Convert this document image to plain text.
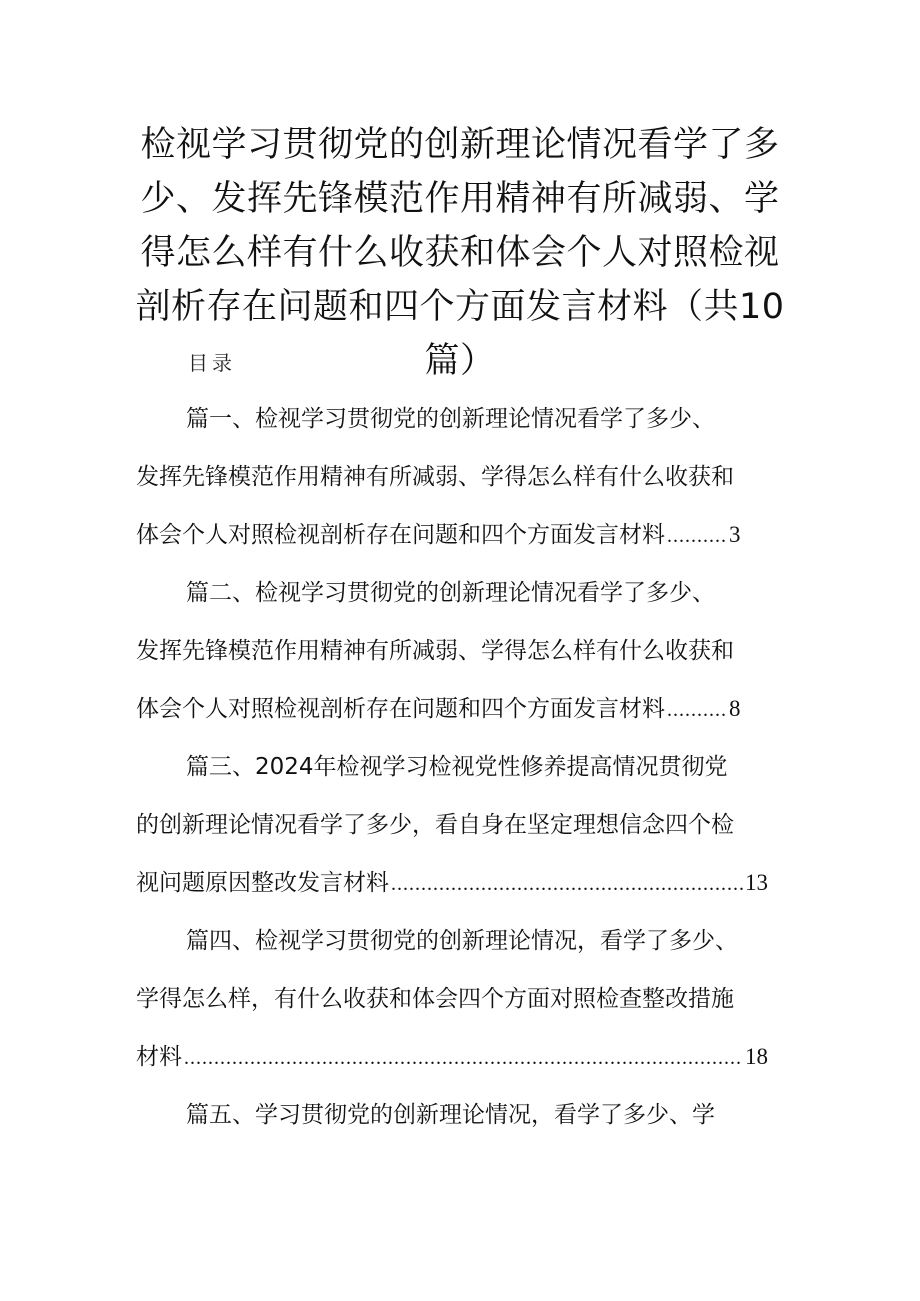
检视学习贯彻党的创新理论情况看学了多少、发挥先锋模范作用精神有所减弱、学得怎么样有什么收获和体会个人对照检视剖析存在问题和四个方面发言材料（共10篇）
目录
篇一、检视学习贯彻党的创新理论情况看学了多少、
发挥先锋模范作用精神有所减弱、学得怎么样有什么收获和
体会个人对照检视剖析存在问题和四个方面发言材料 .....	3
篇二、检视学习贯彻党的创新理论情况看学了多少、
发挥先锋模范作用精神有所减弱、学得怎么样有什么收获和
体会个人对照检视剖析存在问题和四个方面发言材料 .....	8
篇三、2024年检视学习检视党性修养提高情况贯彻党
的创新理论情况看学了多少，看自身在坚定理想信念四个检
视问题原因整改发言材料 .....	13
篇四、检视学习贯彻党的创新理论情况，看学了多少、
学得怎么样，有什么收获和体会四个方面对照检查整改措施
材料 .....	18
篇五、学习贯彻党的创新理论情况，看学了多少、学
